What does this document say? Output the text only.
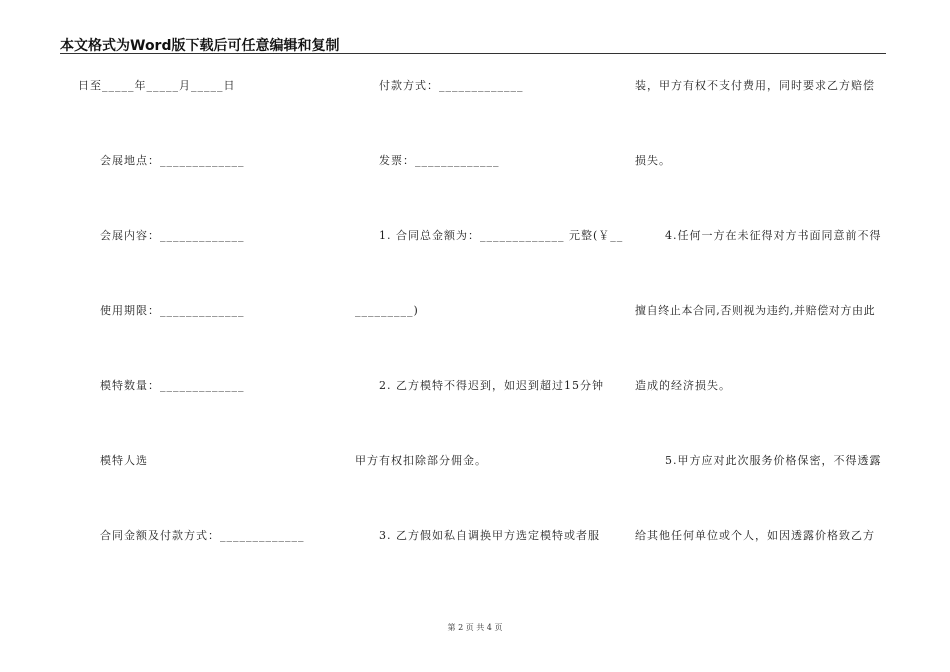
本文格式为Word版下载后可任意编辑和复制
日至_____年_____月_____日
会展地点：_____________
会展内容：_____________
使用期限：_____________
模特数量：_____________
模特人选
合同金额及付款方式：_____________
付款方式：_____________
发票：_____________
1. 合同总金额为：_____________ 元整(￥__
_________)
2. 乙方模特不得迟到，如迟到超过15分钟
甲方有权扣除部分佣金。
3. 乙方假如私自调换甲方选定模特或者服
装，甲方有权不支付费用，同时要求乙方赔偿
损失。
4.任何一方在未征得对方书面同意前不得
擅自终止本合同,否则视为违约,并赔偿对方由此
造成的经济损失。
5.甲方应对此次服务价格保密，不得透露
给其他任何单位或个人，如因透露价格致乙方
第 2 页 共 4 页
